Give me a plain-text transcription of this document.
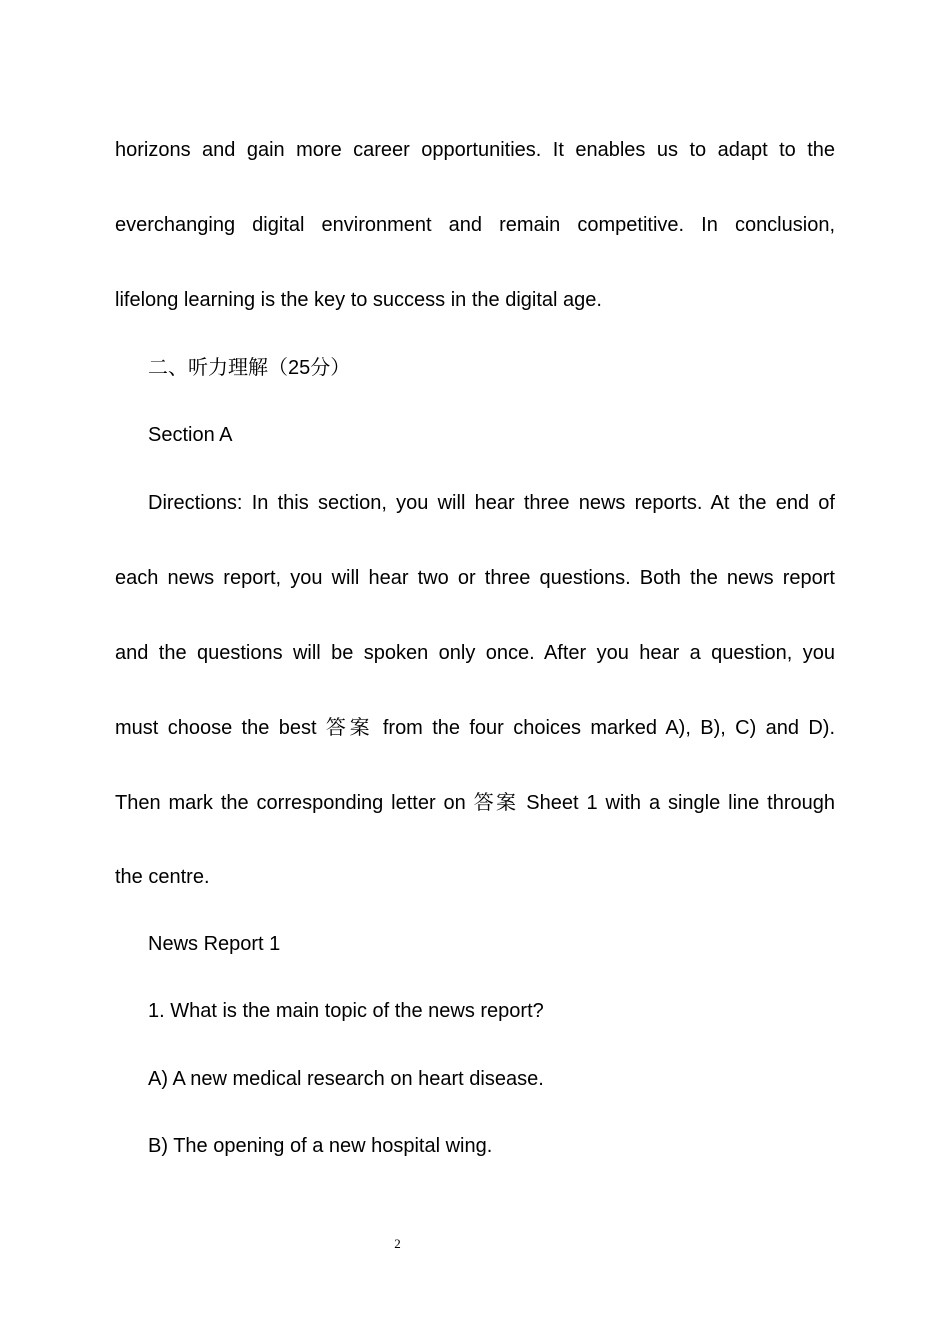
horizons and gain more career opportunities. It enables us to adapt to the
everchanging digital environment and remain competitive. In conclusion,
lifelong learning is the key to success in the digital age.
二、听力理解（25分）
Section A
Directions: In this section, you will hear three news reports. At the end of
each news report, you will hear two or three questions. Both the news report
and the questions will be spoken only once. After you hear a question, you
must choose the best 答案 from the four choices marked A), B), C) and D).
Then mark the corresponding letter on 答案 Sheet 1 with a single line through
the centre.
News Report 1
1. What is the main topic of the news report?
A) A new medical research on heart disease.
B) The opening of a new hospital wing.
2
